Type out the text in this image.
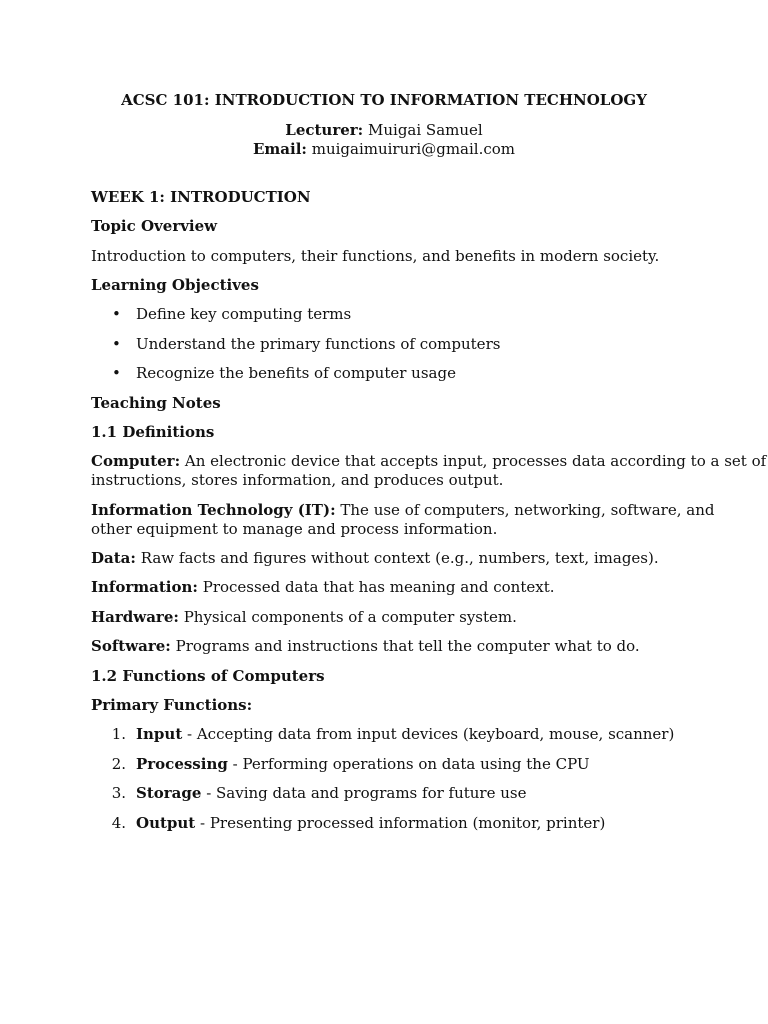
ACSC 101: INTRODUCTION TO INFORMATION TECHNOLOGY
Lecturer: Muigai Samuel
Email: muigaimuiruri@gmail.com
WEEK 1: INTRODUCTION
Topic Overview
Introduction to computers, their functions, and benefits in modern society.
Learning Objectives
• Define key computing terms
• Understand the primary functions of computers
• Recognize the benefits of computer usage
Teaching Notes
1.1 Definitions
Computer: An electronic device that accepts input, processes data according to a set of
instructions, stores information, and produces output.
Information Technology (IT): The use of computers, networking, software, and
other equipment to manage and process information.
Data: Raw facts and figures without context (e.g., numbers, text, images).
Information: Processed data that has meaning and context.
Hardware: Physical components of a computer system.
Software: Programs and instructions that tell the computer what to do.
1.2 Functions of Computers
Primary Functions:
1. Input - Accepting data from input devices (keyboard, mouse, scanner)
2. Processing - Performing operations on data using the CPU
3. Storage - Saving data and programs for future use
4. Output - Presenting processed information (monitor, printer)
